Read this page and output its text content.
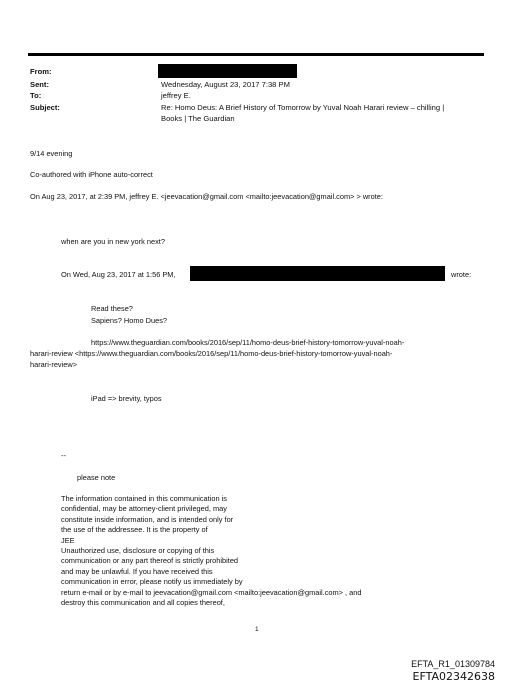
From:
Sent:	Wednesday, August 23, 2017 7:38 PM
To:	jeffrey E.
Subject:	Re: Homo Deus: A Brief History of Tomorrow by Yuval Noah Harari review – chilling |
Books | The Guardian
9/14 evening
Co-authored with iPhone auto-correct
On Aug 23, 2017, at 2:39 PM, jeffrey E. <jeevacation@gmail.com <mailto:jeevacation@gmail.com> > wrote:
when are you in new york next?
On Wed, Aug 23, 2017 at 1:56 PM,	wrote:
Read these?
Sapiens? Homo Dues?
https://www.theguardian.com/books/2016/sep/11/homo-deus-brief-history-tomorrow-yuval-noah-
harari-review <https://www.theguardian.com/books/2016/sep/11/homo-deus-brief-history-tomorrow-yuval-noah-
harari-review>
iPad => brevity, typos
--
please note
The information contained in this communication is
confidential, may be attorney-client privileged, may
constitute inside information, and is intended only for
the use of the addressee. It is the property of
JEE
Unauthorized use, disclosure or copying of this
communication or any part thereof is strictly prohibited
and may be unlawful. If you have received this
communication in error, please notify us immediately by
return e-mail or by e-mail to jeevacation@gmail.com <mailto:jeevacation@gmail.com> , and
destroy this communication and all copies thereof,
1
EFTA_R1_01309784
EFTA02342638
